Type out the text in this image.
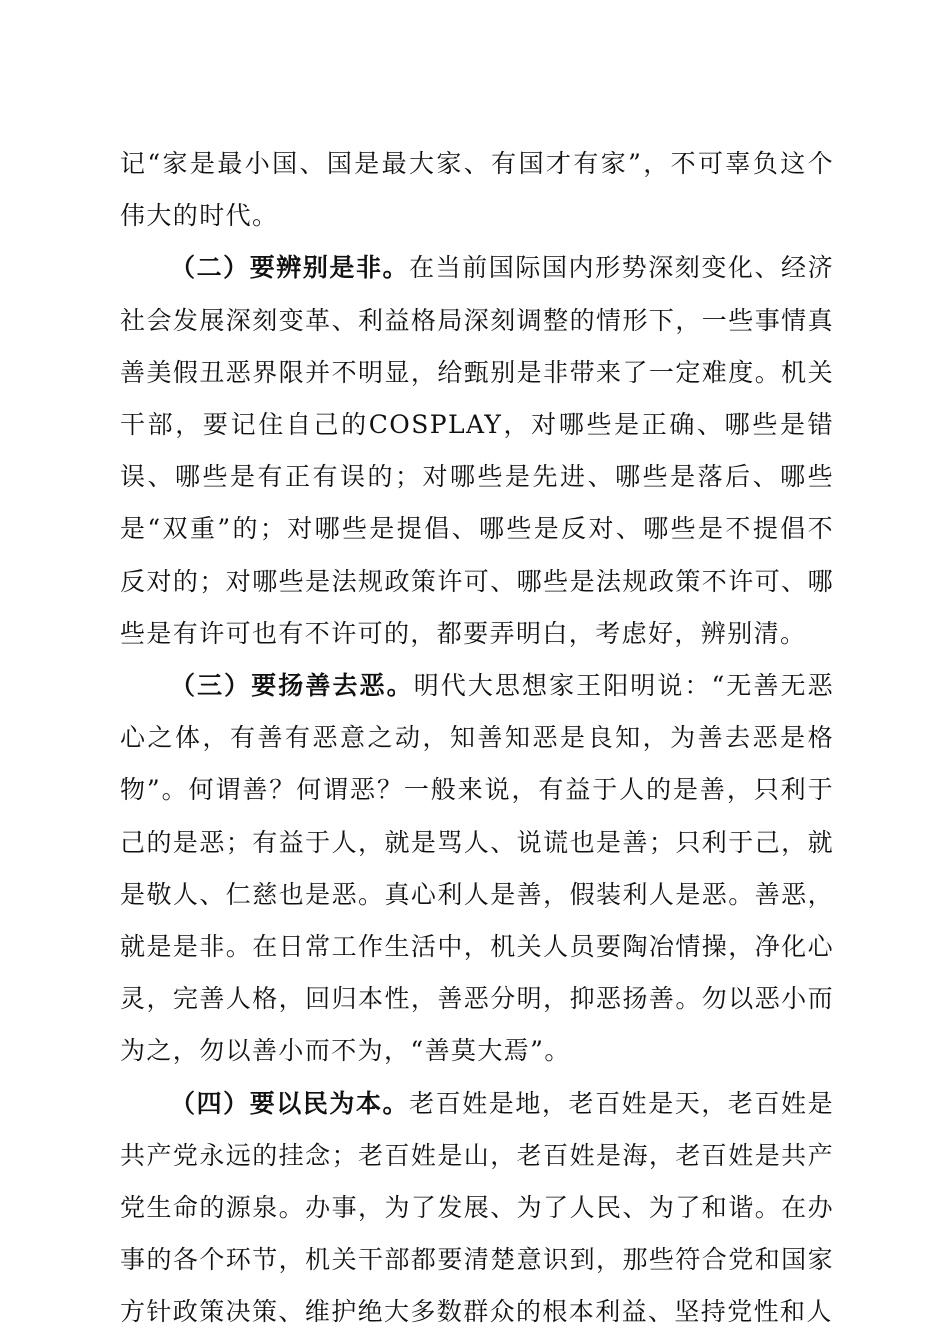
记“家是最小国、国是最大家、有国才有家”，不可辜负这个伟大的时代。

（二）要辨别是非。在当前国际国内形势深刻变化、经济社会发展深刻变革、利益格局深刻调整的情形下，一些事情真善美假丑恶界限并不明显，给甄别是非带来了一定难度。机关干部，要记住自己的COSPLAY，对哪些是正确、哪些是错误、哪些是有正有误的；对哪些是先进、哪些是落后、哪些是“双重”的；对哪些是提倡、哪些是反对、哪些是不提倡不反对的；对哪些是法规政策许可、哪些是法规政策不许可、哪些是有许可也有不许可的，都要弄明白，考虑好，辨别清。

（三）要扬善去恶。明代大思想家王阳明说：“无善无恶心之体，有善有恶意之动，知善知恶是良知，为善去恶是格物”。何谓善？何谓恶？一般来说，有益于人的是善，只利于己的是恶；有益于人，就是骂人、说谎也是善；只利于己，就是敬人、仁慈也是恶。真心利人是善，假装利人是恶。善恶，就是是非。在日常工作生活中，机关人员要陶冶情操，净化心灵，完善人格，回归本性，善恶分明，抑恶扬善。勿以恶小而为之，勿以善小而不为，“善莫大焉”。

（四）要以民为本。老百姓是地，老百姓是天，老百姓是共产党永远的挂念；老百姓是山，老百姓是海，老百姓是共产党生命的源泉。办事，为了发展、为了人民、为了和谐。在办事的各个环节，机关干部都要清楚意识到，那些符合党和国家方针政策决策、维护绝大多数群众的根本利益、坚持党性和人
